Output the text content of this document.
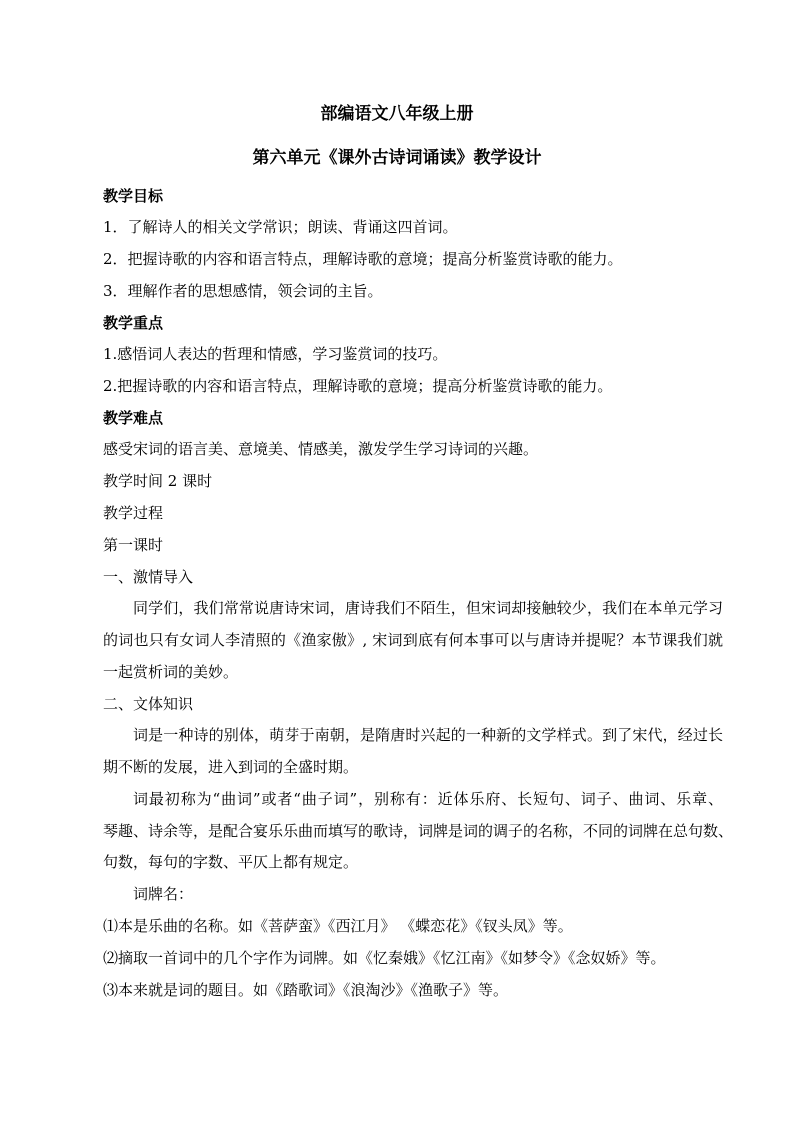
部编语文八年级上册
第六单元《课外古诗词诵读》教学设计
教学目标
1．了解诗人的相关文学常识；朗读、背诵这四首词。
2．把握诗歌的内容和语言特点，理解诗歌的意境；提高分析鉴赏诗歌的能力。
3．理解作者的思想感情，领会词的主旨。
教学重点
1.感悟词人表达的哲理和情感，学习鉴赏词的技巧。
2.把握诗歌的内容和语言特点，理解诗歌的意境；提高分析鉴赏诗歌的能力。
教学难点
感受宋词的语言美、意境美、情感美，激发学生学习诗词的兴趣。
教学时间 2 课时
教学过程
第一课时
一、激情导入
同学们，我们常常说唐诗宋词，唐诗我们不陌生，但宋词却接触较少，我们在本单元学习
的词也只有女词人李清照的《渔家傲》, 宋词到底有何本事可以与唐诗并提呢？本节课我们就
一起赏析词的美妙。
二、文体知识
词是一种诗的别体，萌芽于南朝，是隋唐时兴起的一种新的文学样式。到了宋代，经过长
期不断的发展，进入到词的全盛时期。
词最初称为“曲词”或者“曲子词”，别称有：近体乐府、长短句、词子、曲词、乐章、
琴趣、诗余等，是配合宴乐乐曲而填写的歌诗，词牌是词的调子的名称，不同的词牌在总句数、
句数，每句的字数、平仄上都有规定。
词牌名：
⑴本是乐曲的名称。如《菩萨蛮》《西江月》 《蝶恋花》《钗头凤》等。
⑵摘取一首词中的几个字作为词牌。如《忆秦娥》《忆江南》《如梦令》《念奴娇》等。
⑶本来就是词的题目。如《踏歌词》《浪淘沙》《渔歌子》等。
